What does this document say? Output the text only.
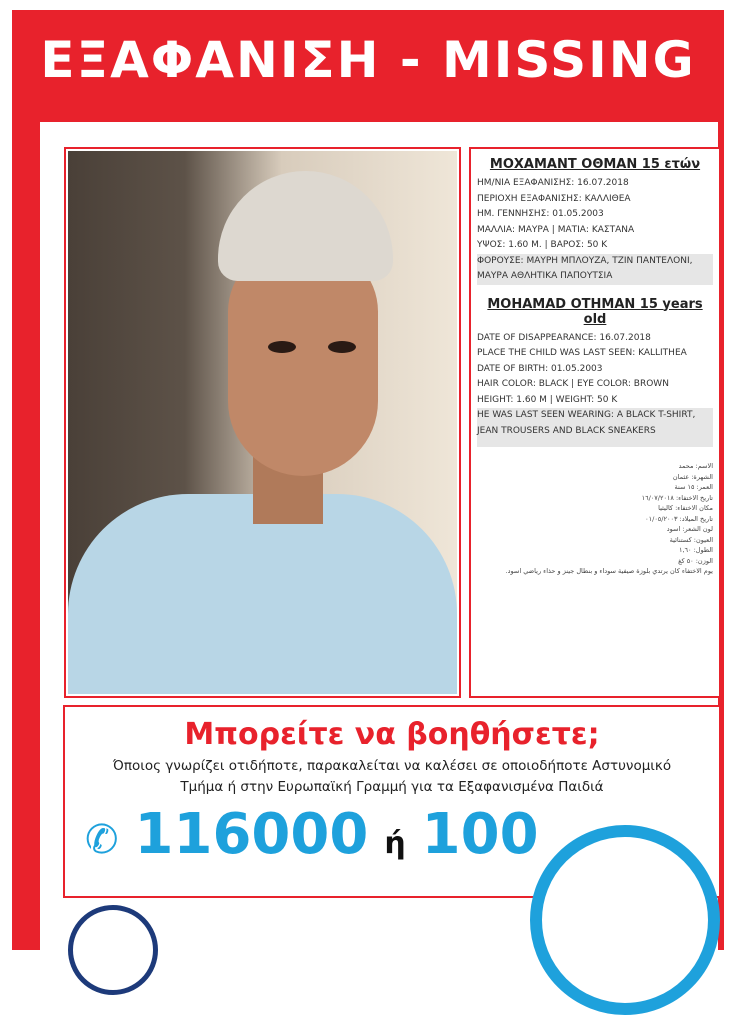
ΕΞΑΦΑΝΙΣΗ - MISSING
ΜΟΧΑΜΑΝΤ ΟΘΜΑΝ 15 ετών
ΗΜ/ΝΙΑ ΕΞΑΦΑΝΙΣΗΣ: 16.07.2018
ΠΕΡΙΟΧΗ ΕΞΑΦΑΝΙΣΗΣ: ΚΑΛΛΙΘΕΑ
ΗΜ. ΓΕΝΝΗΣΗΣ: 01.05.2003
ΜΑΛΛΙΑ: ΜΑΥΡΑ | ΜΑΤΙΑ: ΚΑΣΤΑΝΑ
ΥΨΟΣ: 1.60 Μ. | ΒΑΡΟΣ: 50 Κ
ΦΟΡΟΥΣΕ: ΜΑΥΡΗ ΜΠΛΟΥΖΑ, ΤΖΙΝ ΠΑΝΤΕΛΟΝΙ, ΜΑΥΡΑ ΑΘΛΗΤΙΚΑ ΠΑΠΟΥΤΣΙΑ
MOHAMAD OTHMAN 15 years old
DATE OF DISAPPEARANCE: 16.07.2018
PLACE THE CHILD WAS LAST SEEN: KALLITHEA
DATE OF BIRTH: 01.05.2003
HAIR COLOR: BLACK | EYE COLOR: BROWN
HEIGHT: 1.60 M | WEIGHT: 50 K
HE WAS LAST SEEN WEARING: A BLACK T-SHIRT, JEAN TROUSERS AND BLACK SNEAKERS
الاسم: محمد
الشهرة: عثمان
العمر: ١٥ سنة
تاريخ الاختفاء: ١٦/٠٧/٢٠١٨
مكان الاختفاء: كاليثيا
تاريخ الميلاد: ٠١/٠٥/٢٠٠٣
لون الشعر: اسود
العيون: كستنائية
الطول: ١,٦٠
الوزن: ٥٠ كغ
يوم الاختفاء كان يرتدي بلوزة صيفية سوداء و بنطال جينز و حذاء رياضي اسود.
Μπορείτε να βοηθήσετε;

Όποιος γνωρίζει οτιδήποτε, παρακαλείται να καλέσει σε οποιοδήποτε Αστυνομικό
Τμήμα ή στην Ευρωπαϊκή Γραμμή για τα Εξαφανισμένα Παιδιά

✆ 116000 ή 100
